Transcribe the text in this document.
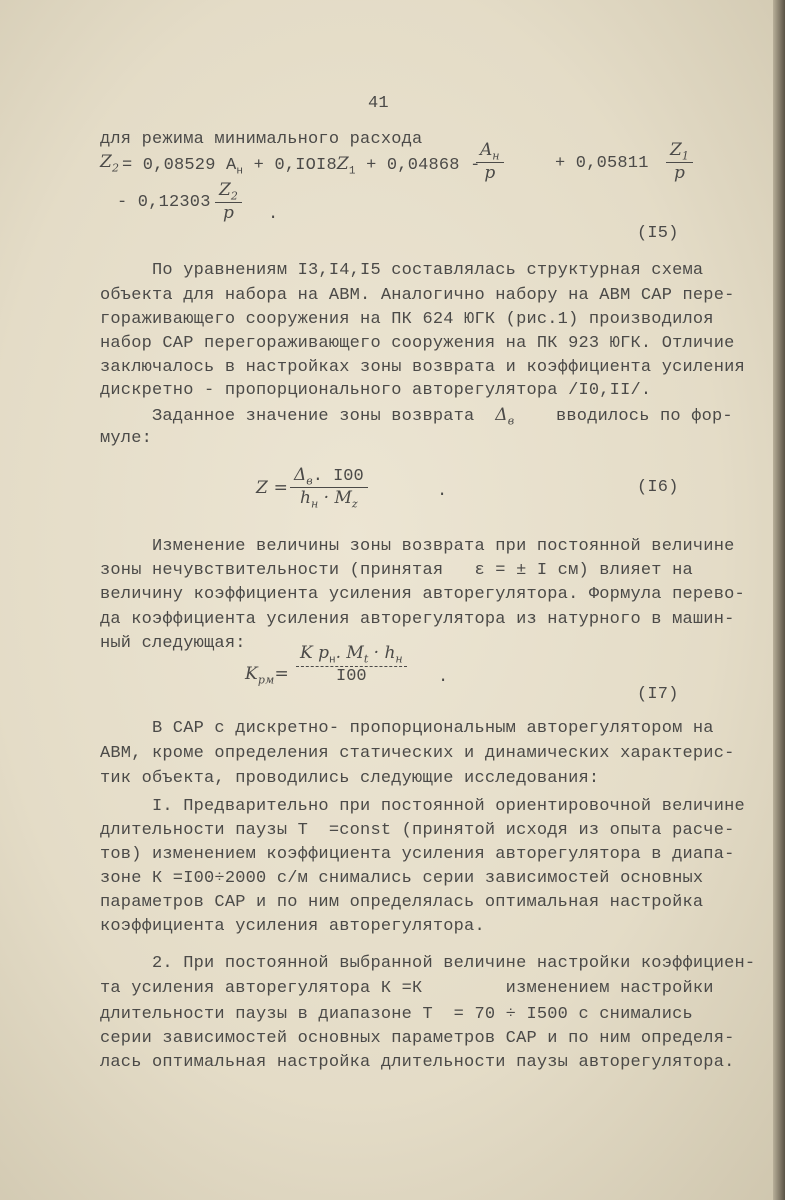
41
для режима минимального расхода
$Z_2 = 0,08529$ $A_н + 0,IOI8Z_1 + 0,04868$ -
$A_н$
p	+ $0,05811 \frac{Z_1}{p}$
- $0,12303 \frac{Z_2}{p}$ .
(I5)
По уравнениям I3,I4,I5 составлялась структурная схема
объекта для набора на АВМ. Аналогично набору на АВМ САР пере-
гораживающего сооружения на ПК 624 ЮГК (рис.1) производилоя
набор САР перегораживающего сооружения на ПК 923 ЮГК. Отличие
заключалось в настройках зоны возврата и коэффициента усиления
дискретно - пропорционального авторегулятора /I0,II/.
Заданное значение зоны возврата $\Delta_в$ вводилось по фор-
муле:
Z =
$\Delta_в$. I00
$h_н \cdot M_z$
.	(I6)
Изменение величины зоны возврата при постоянной величине
зоны нечувствительности (принятая   ε = ± I см) влияет на
величину коэффициента усиления авторегулятора. Формула перево-
да коэффициента усиления авторегулятора из натурного в машин-
ный следующая:
$K_{рм}=$
K $p_н$. $M_t \cdot h_н$
I00	.
(I7)
В САР с дискретно- пропорциональным авторегулятором на
АВМ, кроме определения статических и динамических характерис-
тик объекта, проводились следующие исследования:
I. Предварительно при постоянной ориентировочной величине
длительности паузы Т  =const (принятой исходя из опыта расче-
тов) изменением коэффициента усиления авторегулятора в диапа-
зоне К =I00÷2000 с/м снимались серии зависимостей основных
параметров САР и по ним определялась оптимальная настройка
коэффициента усиления авторегулятора.
2. При постоянной выбранной величине настройки коэффициен-
та усиления авторегулятора К =К        изменением настройки
длительности паузы в диапазоне Т  = 70 ÷ I500 с снимались
серии зависимостей основных параметров САР и по ним определя-
лась оптимальная настройка длительности паузы авторегулятора.
